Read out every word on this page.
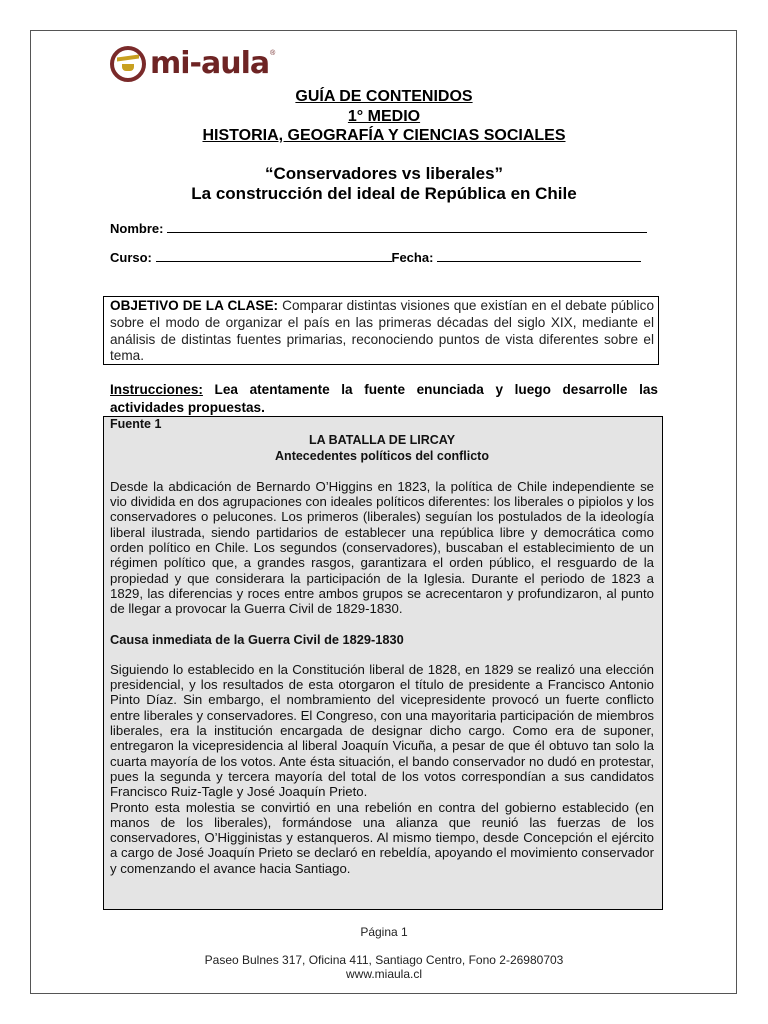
mi-aula ®
GUÍA DE CONTENIDOS
1° MEDIO
HISTORIA, GEOGRAFÍA Y CIENCIAS SOCIALES
“Conservadores vs liberales”
La construcción del ideal de República en Chile
Nombre:
Curso:	Fecha:
OBJETIVO DE LA CLASE: Comparar distintas visiones que existían en el debate público sobre el modo de organizar el país en las primeras décadas del siglo XIX, mediante el análisis de distintas fuentes primarias, reconociendo puntos de vista diferentes sobre el tema.
Instrucciones: Lea atentamente la fuente enunciada y luego desarrolle las actividades propuestas.
Fuente 1
LA BATALLA DE LIRCAY
Antecedentes políticos del conflicto

Desde la abdicación de Bernardo O’Higgins en 1823, la política de Chile independiente se vio dividida en dos agrupaciones con ideales políticos diferentes: los liberales o pipiolos y los conservadores o pelucones. Los primeros (liberales) seguían los postulados de la ideología liberal ilustrada, siendo partidarios de establecer una república libre y democrática como orden político en Chile. Los segundos (conservadores), buscaban el establecimiento de un régimen político que, a grandes rasgos, garantizara el orden público, el resguardo de la propiedad y que considerara la participación de la Iglesia. Durante el periodo de 1823 a 1829, las diferencias y roces entre ambos grupos se acrecentaron y profundizaron, al punto de llegar a provocar la Guerra Civil de 1829-1830.

Causa inmediata de la Guerra Civil de 1829-1830

Siguiendo lo establecido en la Constitución liberal de 1828, en 1829 se realizó una elección presidencial, y los resultados de esta otorgaron el título de presidente a Francisco Antonio Pinto Díaz. Sin embargo, el nombramiento del vicepresidente provocó un fuerte conflicto entre liberales y conservadores. El Congreso, con una mayoritaria participación de miembros liberales, era la institución encargada de designar dicho cargo. Como era de suponer, entregaron la vicepresidencia al liberal Joaquín Vicuña, a pesar de que él obtuvo tan solo la cuarta mayoría de los votos. Ante ésta situación, el bando conservador no dudó en protestar, pues la segunda y tercera mayoría del total de los votos correspondían a sus candidatos Francisco Ruiz-Tagle y José Joaquín Prieto.

Pronto esta molestia se convirtió en una rebelión en contra del gobierno establecido (en manos de los liberales), formándose una alianza que reunió las fuerzas de los conservadores, O’Higginistas y estanqueros. Al mismo tiempo, desde Concepción el ejército a cargo de José Joaquín Prieto se declaró en rebeldía, apoyando el movimiento conservador y comenzando el avance hacia Santiago.

Página 1
Paseo Bulnes 317, Oficina 411, Santiago Centro, Fono 2-26980703
www.miaula.cl
